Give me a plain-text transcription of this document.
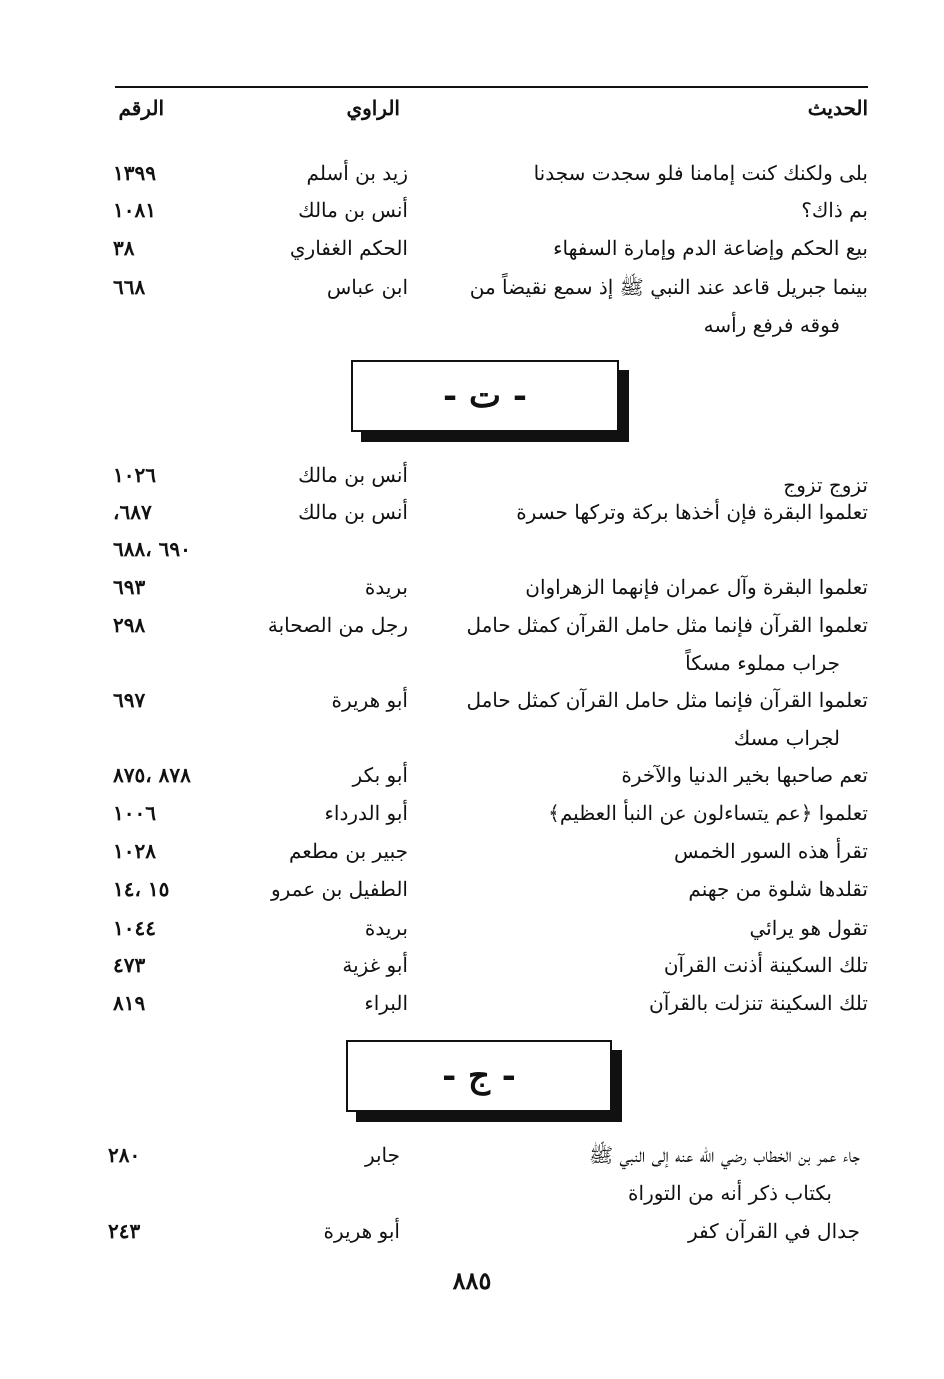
الحديث
الراوي
الرقم
بلى ولكنك كنت إمامنا فلو سجدت سجدنا
زيد بن أسلم
١٣٩٩
بم ذاك؟
أنس بن مالك
١٠٨١
بيع الحكم وإضاعة الدم وإمارة السفهاء
الحكم الغفاري
٣٨
بينما جبريل قاعد عند النبي ﷺ إذ سمع نقيضاً من
فوقه فرفع رأسه
ابن عباس
٦٦٨
- ت -
تزوج تزوج
أنس بن مالك
١٠٢٦
تعلموا البقرة فإن أخذها بركة وتركها حسرة
أنس بن مالك
٦٨٧،
٦٩٠ ،٦٨٨
تعلموا البقرة وآل عمران فإنهما الزهراوان
بريدة
٦٩٣
تعلموا القرآن فإنما مثل حامل القرآن كمثل حامل
جراب مملوء مسكاً
رجل من الصحابة
٢٩٨
تعلموا القرآن فإنما مثل حامل القرآن كمثل حامل
لجراب مسك
أبو هريرة
٦٩٧
تعم صاحبها بخير الدنيا والآخرة
أبو بكر
٨٧٨ ،٨٧٥
تعلموا ﴿عم يتساءلون عن النبأ العظيم﴾
أبو الدرداء
١٠٠٦
تقرأ هذه السور الخمس
جبير بن مطعم
١٠٢٨
تقلدها شلوة من جهنم
الطفيل بن عمرو
١٥ ،١٤
تقول هو يرائي
بريدة
١٠٤٤
تلك السكينة أذنت القرآن
أبو غزية
٤٧٣
تلك السكينة تنزلت بالقرآن
البراء
٨١٩
- ج -
جاء عمر بن الخطاب رضي الله عنه إلى النبي ﷺ
بكتاب ذكر أنه من التوراة
جابر
٢٨٠
جدال في القرآن كفر
أبو هريرة
٢٤٣
٨٨٥
